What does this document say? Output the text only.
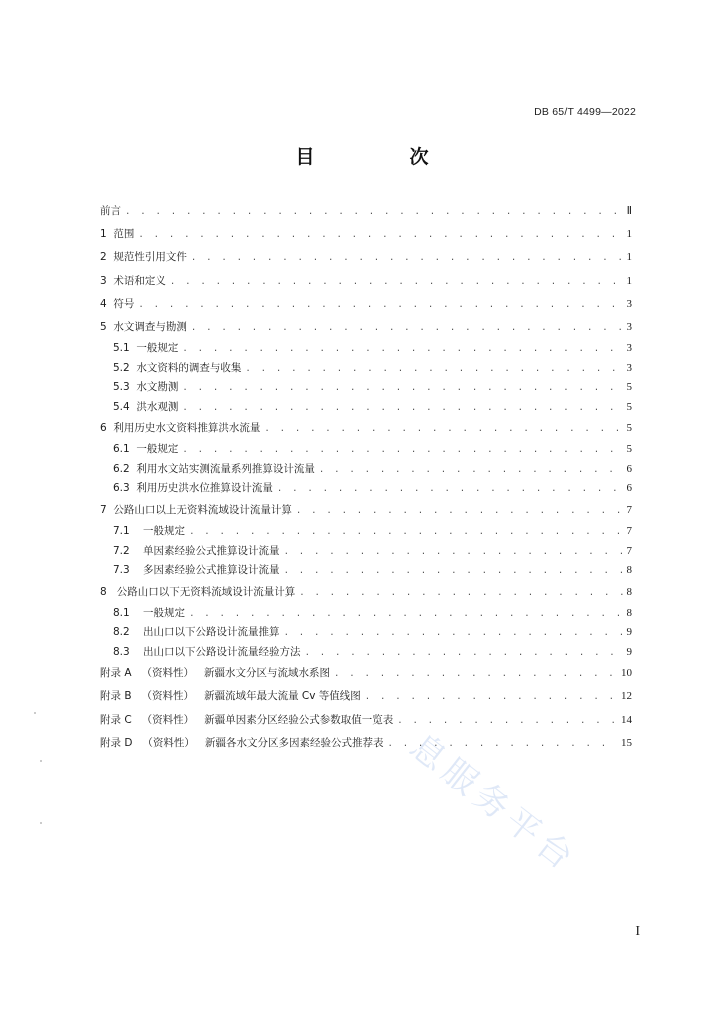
DB 65/T 4499—2022
目　次
前言 . . .	Ⅱ
1  范围 . . .	1
2  规范性引用文件 . . .	1
3  术语和定义 . . .	1
4  符号 . . .	3
5  水文调查与勘测 . . .	3
5.1  一般规定 . . .	3
5.2  水文资料的调查与收集 . . .	3
5.3  水文勘测 . . .	5
5.4  洪水观测 . . .	5
6  利用历史水文资料推算洪水流量 . . .	5
6.1  一般规定 . . .	5
6.2  利用水文站实测流量系列推算设计流量 . . .	6
6.3  利用历史洪水位推算设计流量 . . .	6
7  公路山口以上无资料流域设计流量计算 . . .	7
7.1    一般规定 . . .	7
7.2    单因素经验公式推算设计流量 . . .	7
7.3    多因素经验公式推算设计流量 . . .	8
8   公路山口以下无资料流域设计流量计算 . . .	8
8.1    一般规定 . . .	8
8.2    出山口以下公路设计流量推算 . . .	9
8.3    出山口以下公路设计流量经验方法 . . .	9
附录 A   （资料性）   新疆水文分区与流域水系图 . . .	10
附录 B   （资料性）   新疆流域年最大流量 Cv 等值线图 . . .	12
附录 C   （资料性）   新疆单因素分区经验公式参数取值一览表 . . .	14
附录 D   （资料性）   新疆各水文分区多因素经验公式推荐表 . . .	15
I
息服务平台
